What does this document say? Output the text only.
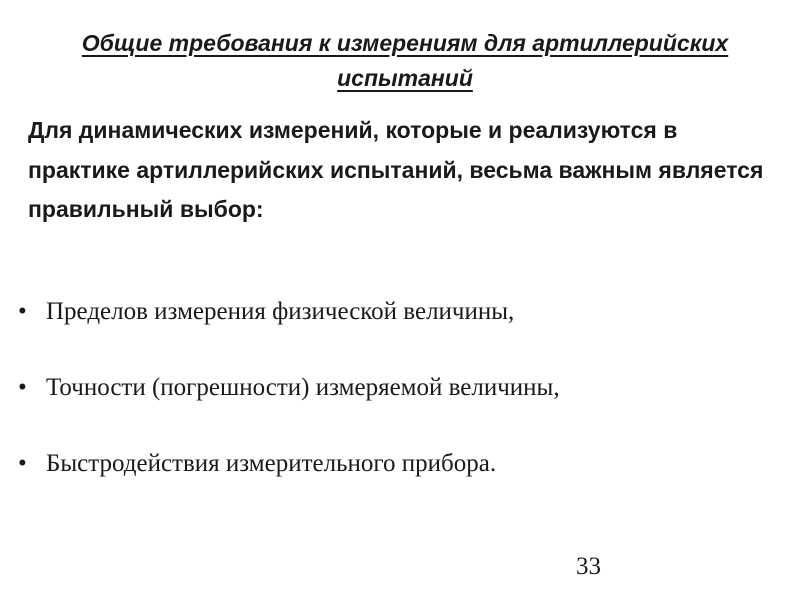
Общие требования к измерениям для артиллерийских испытаний

Для динамических измерений, которые и реализуются в практике артиллерийских испытаний, весьма важным является правильный выбор:

• Пределов измерения физической величины,
• Точности (погрешности) измеряемой величины,
• Быстродействия измерительного прибора.
33
